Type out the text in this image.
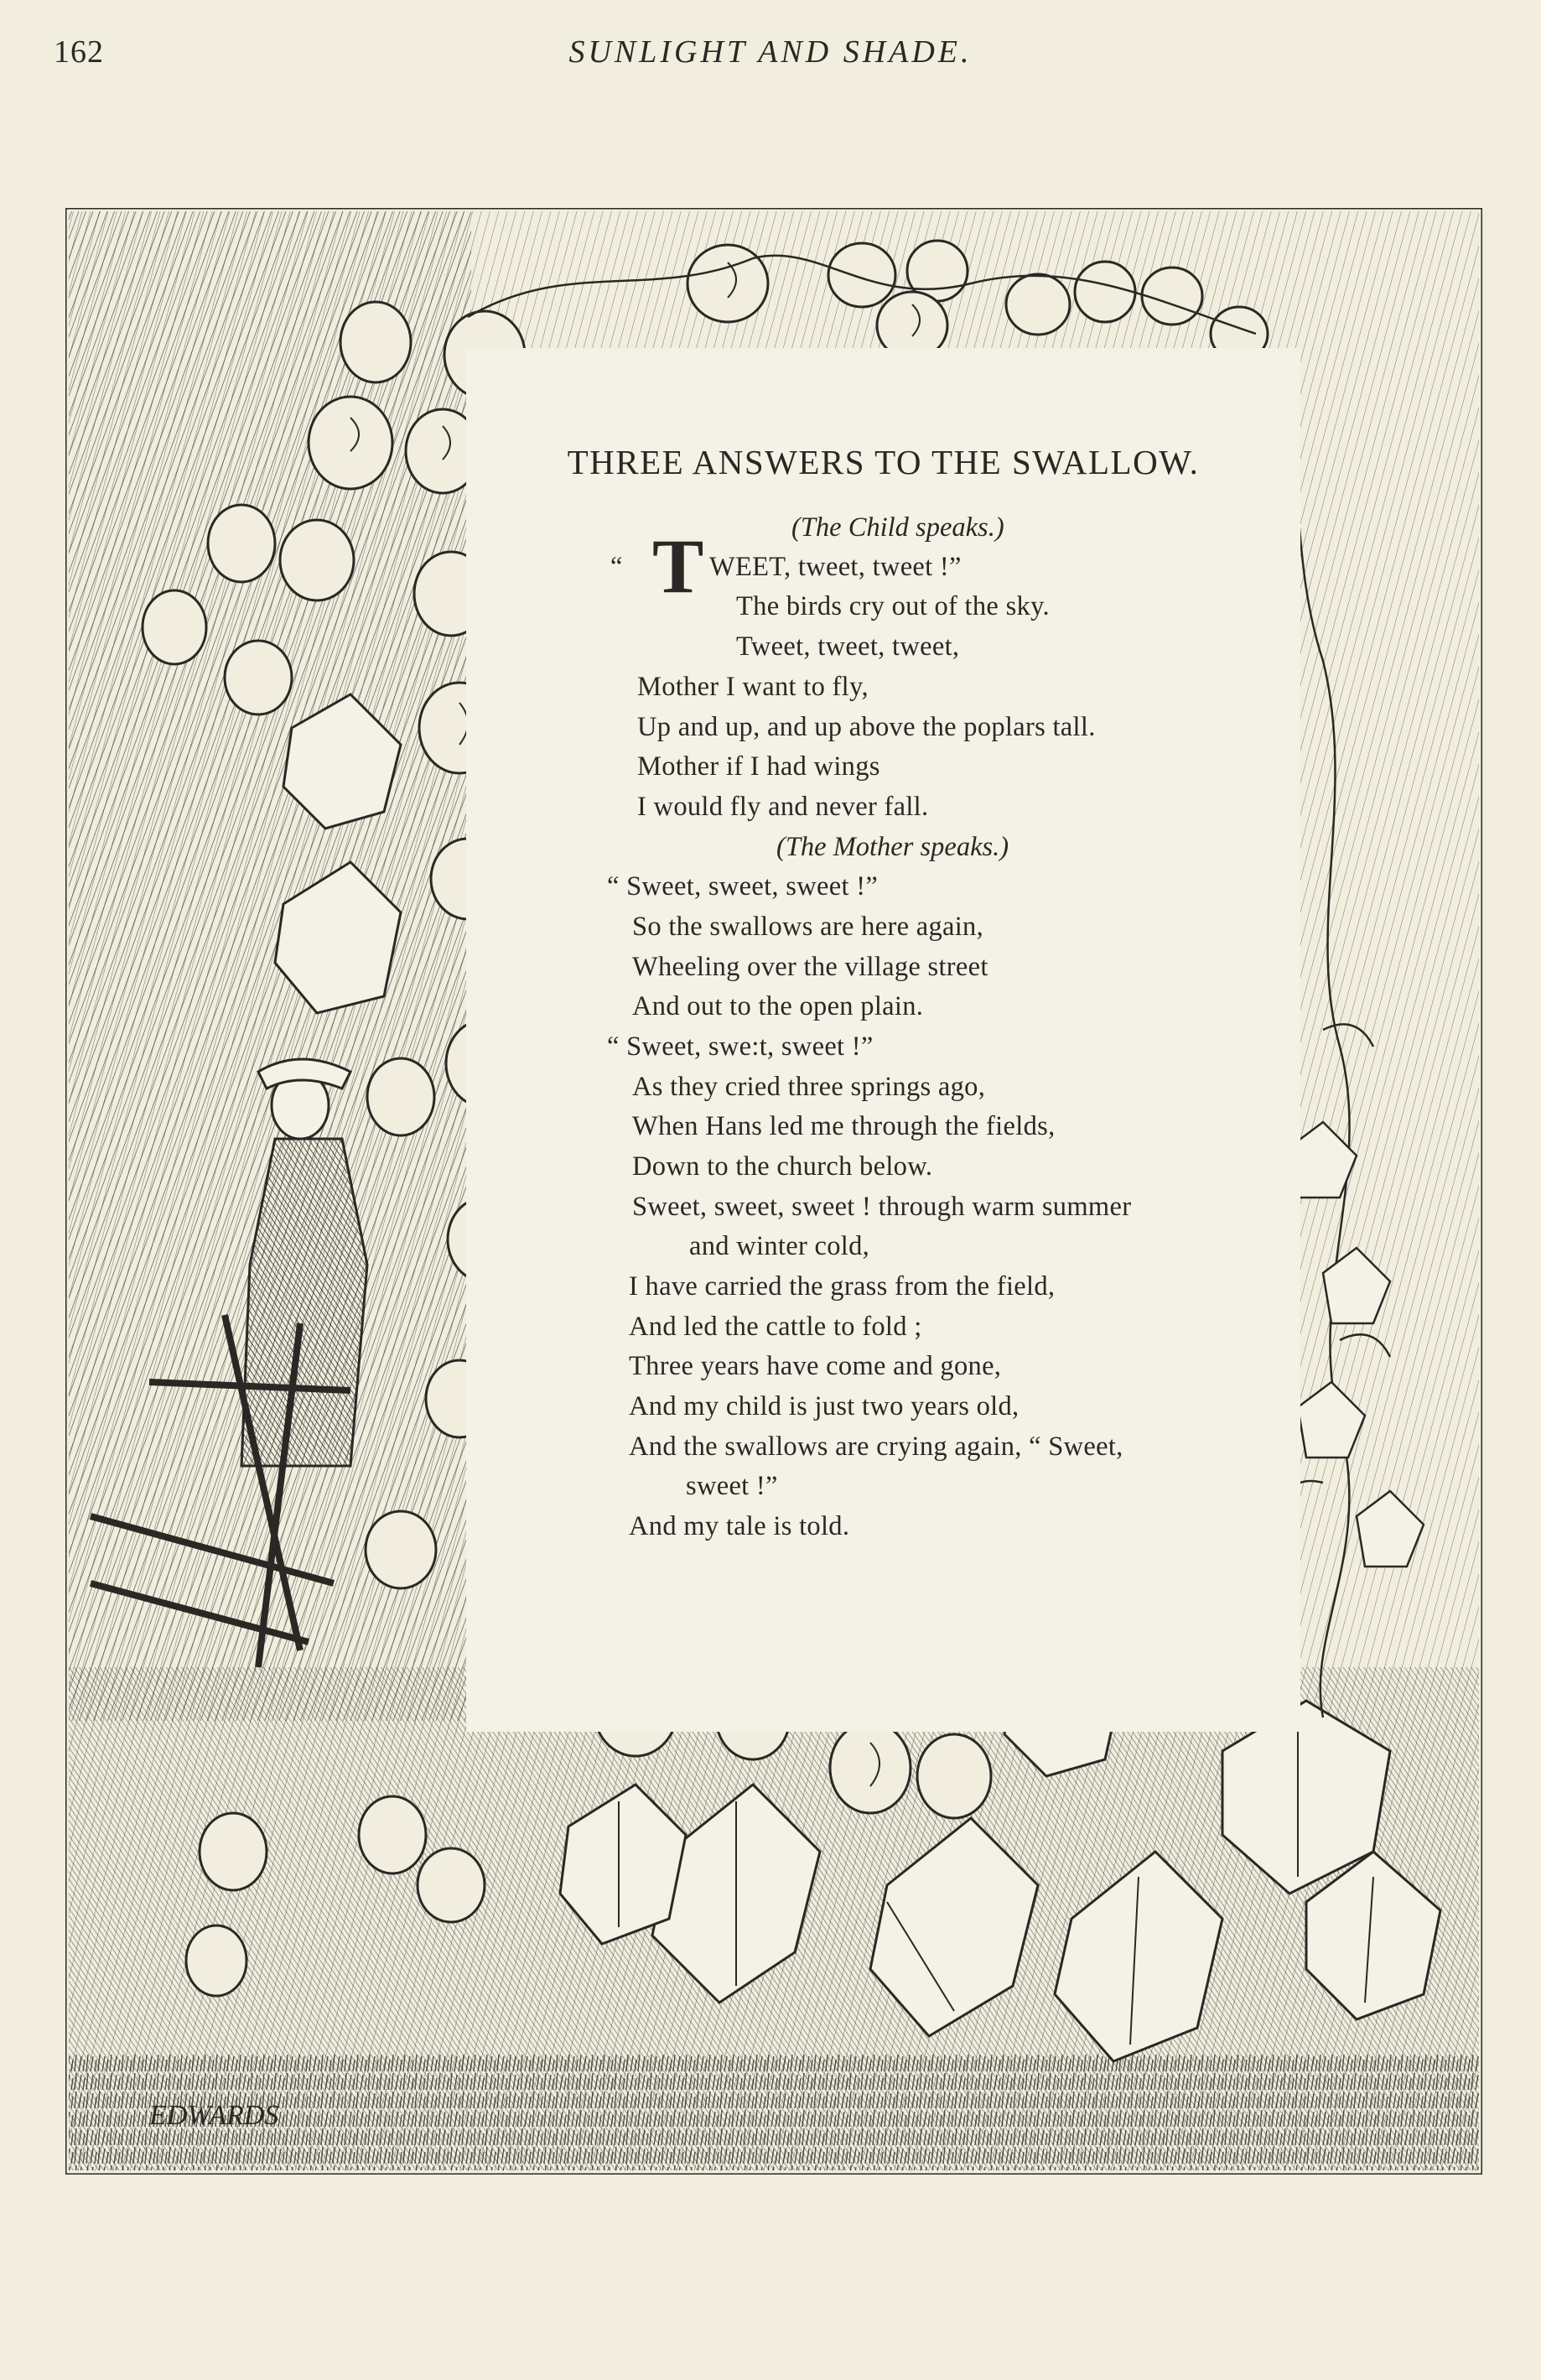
162	SUNLIGHT AND SHADE.
EDWARDS
THREE ANSWERS TO THE SWALLOW.
(The Child speaks.)
“ T WEET, tweet, tweet !”
The birds cry out of the sky.
Tweet, tweet, tweet,
Mother I want to fly,
Up and up, and up above the poplars tall.
Mother if I had wings
I would fly and never fall.
(The Mother speaks.)
“ Sweet, sweet, sweet !”
So the swallows are here again,
Wheeling over the village street
And out to the open plain.
“ Sweet, swe:t, sweet !”
As they cried three springs ago,
When Hans led me through the fields,
Down to the church below.
Sweet, sweet, sweet ! through warm summer
and winter cold,
I have carried the grass from the field,
And led the cattle to fold ;
Three years have come and gone,
And my child is just two years old,
And the swallows are crying again, “ Sweet,
sweet !”
And my tale is told.
